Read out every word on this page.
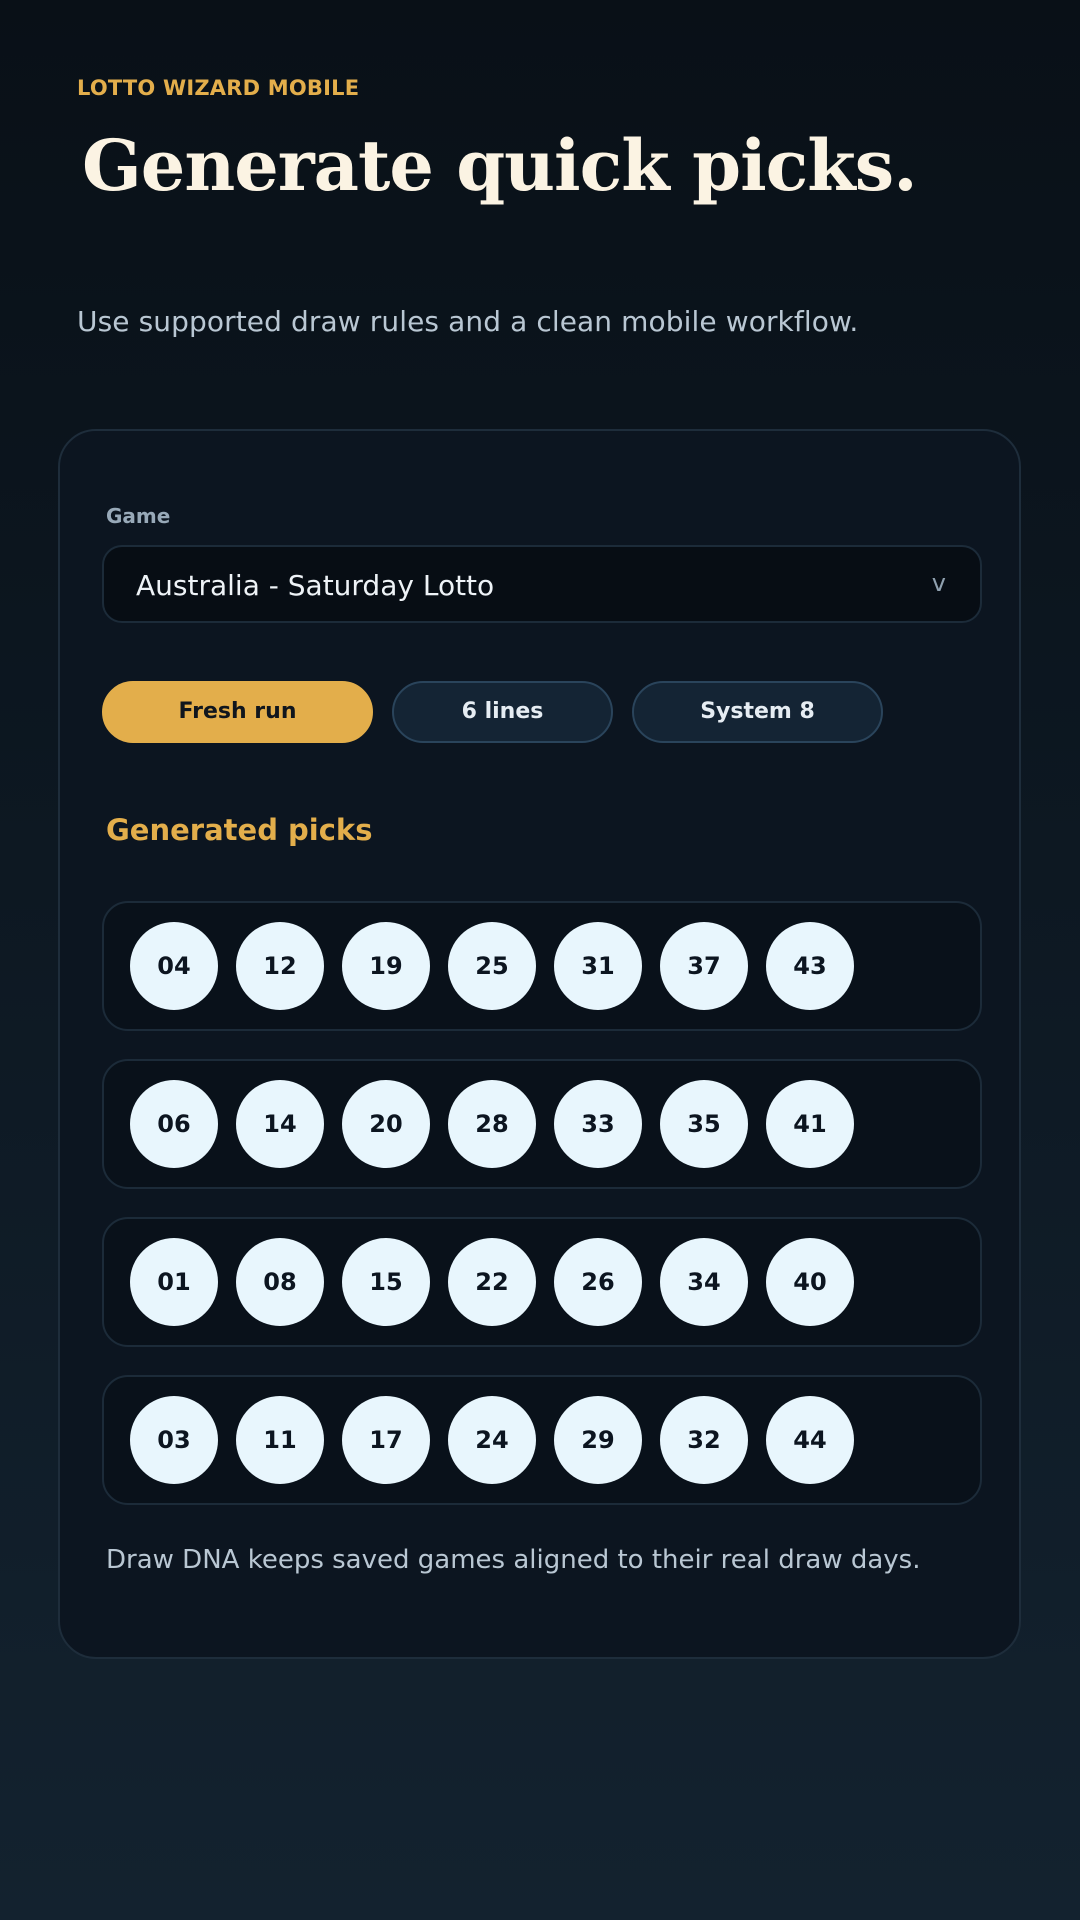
LOTTO WIZARD MOBILE
Generate quick picks.
Use supported draw rules and a clean mobile workflow.
Game
Australia - Saturday Lotto	v
Fresh run	6 lines	System 8
Generated picks
04	12	19	25	31	37	43
06	14	20	28	33	35	41
01	08	15	22	26	34	40
03	11	17	24	29	32	44
Draw DNA keeps saved games aligned to their real draw days.
